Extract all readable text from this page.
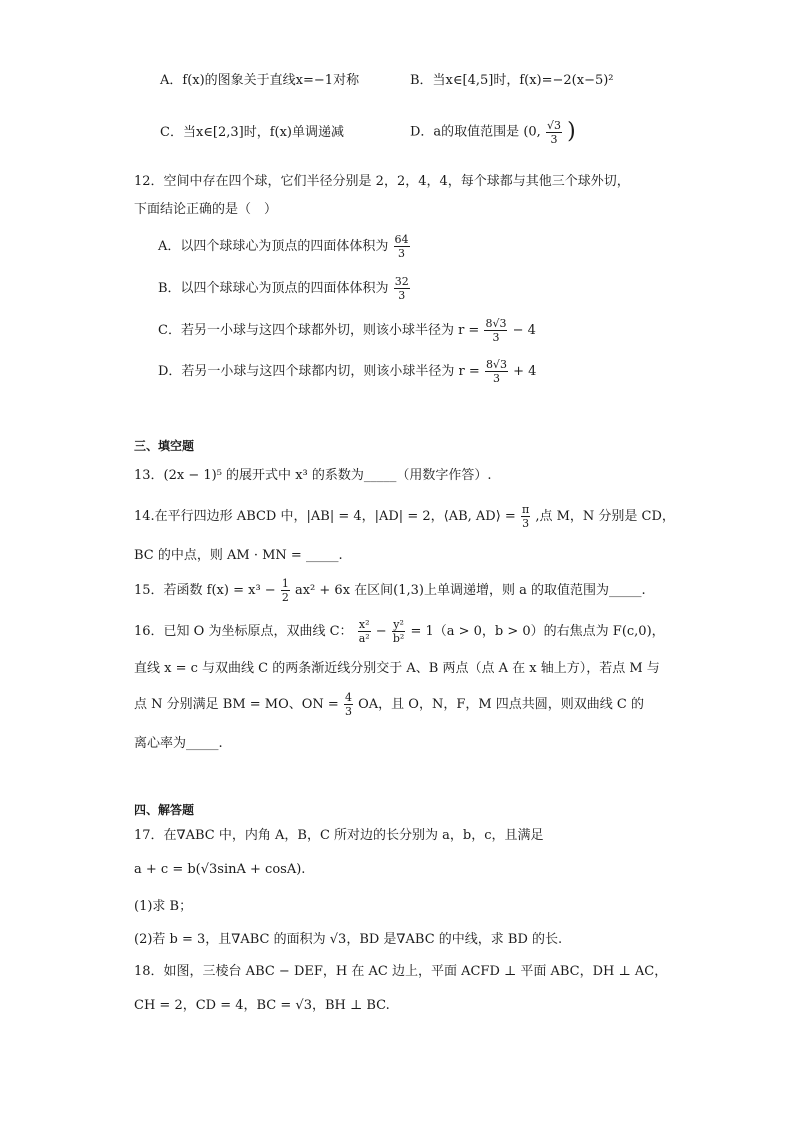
A．f(x)的图象关于直线x=−1对称	B．当x∈[4,5]时，f(x)=−2(x−5)²
C．当x∈[2,3]时，f(x)单调递减	D．a的取值范围是 (0, $\frac{√3}{3}$ )
12．空间中存在四个球，它们半径分别是 2，2，4，4，每个球都与其他三个球外切，
下面结论正确的是（　）
A．以四个球球心为顶点的四面体体积为 $\frac{64}{3}$
B．以四个球球心为顶点的四面体体积为 $\frac{32}{3}$
C．若另一小球与这四个球都外切，则该小球半径为 $r = \frac{8√3}{3} - 4$
D．若另一小球与这四个球都内切，则该小球半径为 $r = \frac{8√3}{3} + 4$
三、填空题
13．(2x − 1)⁵ 的展开式中 x³ 的系数为_____（用数字作答）.
14.在平行四边形 ABCD 中，|AB| = 4，|AD| = 2，⟨AB, AD⟩ = $\frac{\pi}{3}$ ,点 M，N 分别是 CD，
BC 的中点，则 AM · MN = _____.
15．若函数 $f(x) = x^3 - \frac{1}{2} ax^2 + 6x$ 在区间(1,3)上单调递增，则 a 的取值范围为_____.
16．已知 O 为坐标原点，双曲线 C： $\frac{\text{x²}}{\text{a²}} - \frac{\text{y²}}{\text{b²}} = 1(a > 0$，b > 0）的右焦点为 F(c,0)，
直线 x = c 与双曲线 C 的两条渐近线分别交于 A、B 两点（点 A 在 x 轴上方），若点 M 与
点 N 分别满足 BM = MO、ON = $\frac{4}{3}$ OA，且 O，N，F，M 四点共圆，则双曲线 C 的
离心率为_____.
四、解答题
17．在∇ABC 中，内角 A，B，C 所对边的长分别为 a，b，c，且满足
a + c = b(√3sinA + cosA).
(1)求 B；
(2)若 b = 3，且∇ABC 的面积为 √3，BD 是∇ABC 的中线，求 BD 的长.
18．如图，三棱台 ABC − DEF，H 在 AC 边上，平面 ACFD ⊥ 平面 ABC，DH ⊥ AC，
CH = 2，CD = 4，BC = √3，BH ⊥ BC.
